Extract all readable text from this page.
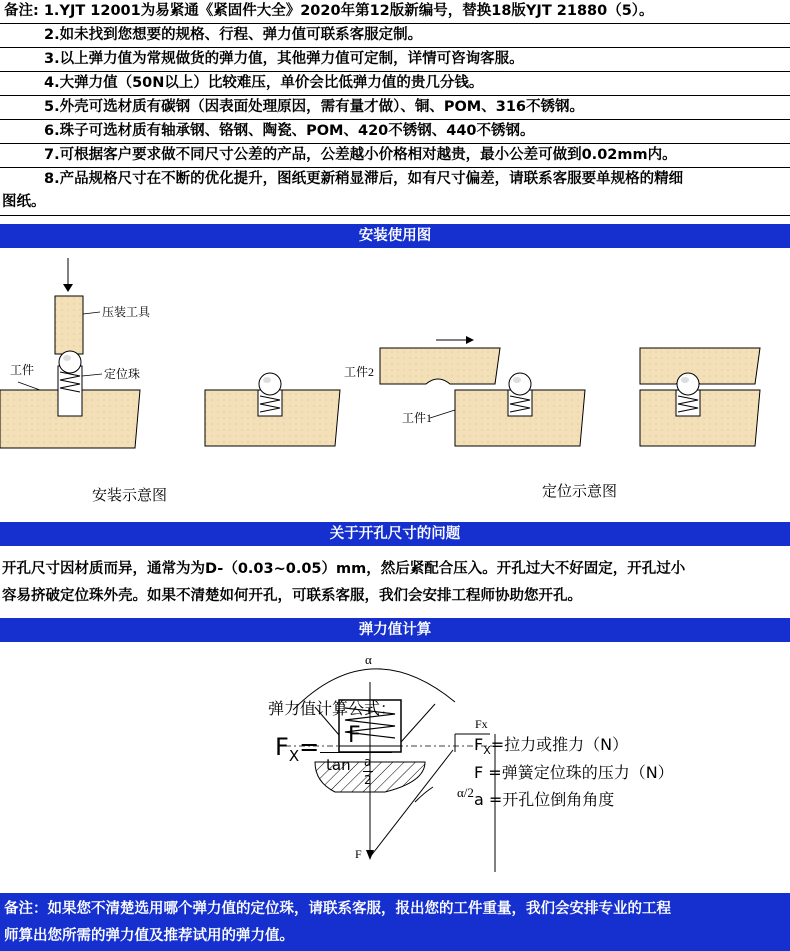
备注: 1.YJT 12001为易紧通《紧固件大全》2020年第12版新编号，替换18版YJT 21880（5）。
2.如未找到您想要的规格、行程、弹力值可联系客服定制。
3.以上弹力值为常规做货的弹力值，其他弹力值可定制，详情可咨询客服。
4.大弹力值（50N以上）比较难压，单价会比低弹力值的贵几分钱。
5.外壳可选材质有碳钢（因表面处理原因，需有量才做）、铜、POM、316不锈钢。
6.珠子可选材质有轴承钢、铬钢、陶瓷、POM、420不锈钢、440不锈钢。
7.可根据客户要求做不同尺寸公差的产品，公差越小价格相对越贵，最小公差可做到0.02mm内。
8.产品规格尺寸在不断的优化提升，图纸更新稍显滞后，如有尺寸偏差，请联系客服要单规格的精细
图纸。
安装使用图
压装工具
工件	定位珠
安装示意图
工件2
工件1
定位示意图
关于开孔尺寸的问题
开孔尺寸因材质而异，通常为为D-（0.03~0.05）mm，然后紧配合压入。开孔过大不好固定，开孔过小
容易挤破定位珠外壳。如果不清楚如何开孔，可联系客服，我们会安排工程师协助您开孔。
弹力值计算
α
F
Fx
α/2
弹力值计算公式：
$F_X= F$
tan a
2
$F_X=$拉力或推力（N）
F =弹簧定位珠的压力（N）
a =开孔位倒角角度
备注：如果您不清楚选用哪个弹力值的定位珠，请联系客服，报出您的工件重量，我们会安排专业的工程
师算出您所需的弹力值及推荐试用的弹力值。
